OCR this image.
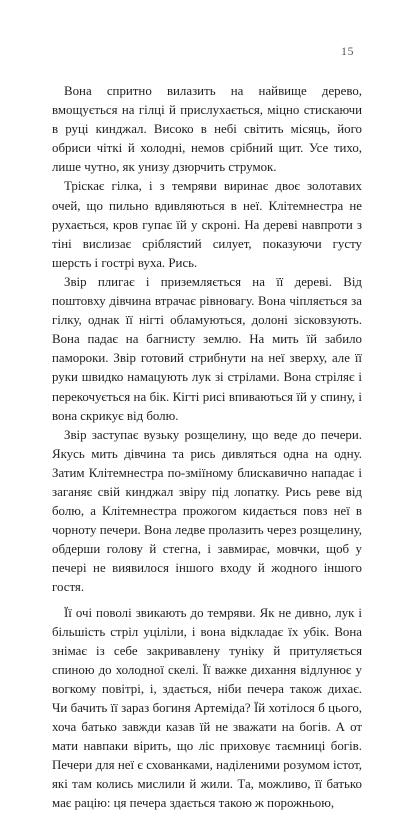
15

Вона спритно вилазить на найвище дерево, вмощується на гілці й прислухається, міцно стискаючи в руці кинджал. Високо в небі світить місяць, його обриси чіткі й холодні, немов срібний щит. Усе тихо, лише чутно, як унизу дзюрчить струмок.

Тріскає гілка, і з темряви виринає двоє золотавих очей, що пильно вдивляються в неї. Клітемнестра не рухається, кров гупає їй у скроні. На дереві навпроти з тіні вислизає сріблястий силует, показуючи густу шерсть і гострі вуха. Рись.

Звір плигає і приземляється на її дереві. Від поштовху дівчина втрачає рівновагу. Вона чіпляється за гілку, однак її нігті обламуються, долоні зісковзують. Вона падає на багнисту землю. На мить їй забило памороки. Звір готовий стрибнути на неї зверху, але її руки швидко намацують лук зі стрілами. Вона стріляє і перекочується на бік. Кігті рисі впиваються їй у спину, і вона скрикує від болю.

Звір заступає вузьку розщелину, що веде до печери. Якусь мить дівчина та рись дивляться одна на одну. Затим Клітемнестра по-зміїному блискавично нападає і заганяє свій кинджал звіру під лопатку. Рись реве від болю, а Клітемнестра прожогом кидається повз неї в чорноту печери. Вона ледве пролазить через розщелину, обдерши голову й стегна, і завмирає, мовчки, щоб у печері не виявилося іншого входу й жодного іншого гостя.

Її очі поволі звикають до темряви. Як не дивно, лук і більшість стріл уціліли, і вона відкладає їх убік. Вона знімає із себе закривавлену туніку й притуляється спиною до холодної скелі. Її важке дихання відлунює у вогкому повітрі, і, здається, ніби печера також дихає. Чи бачить її зараз богиня Артеміда? Їй хотілося б цього, хоча батько завжди казав їй не зважати на богів. А от мати навпаки вірить, що ліс приховує таємниці богів. Печери для неї є схованками, наділеними розумом істот, які там колись мислили й жили. Та, можливо, її батько має рацію: ця печера здається такою ж порожньою,
